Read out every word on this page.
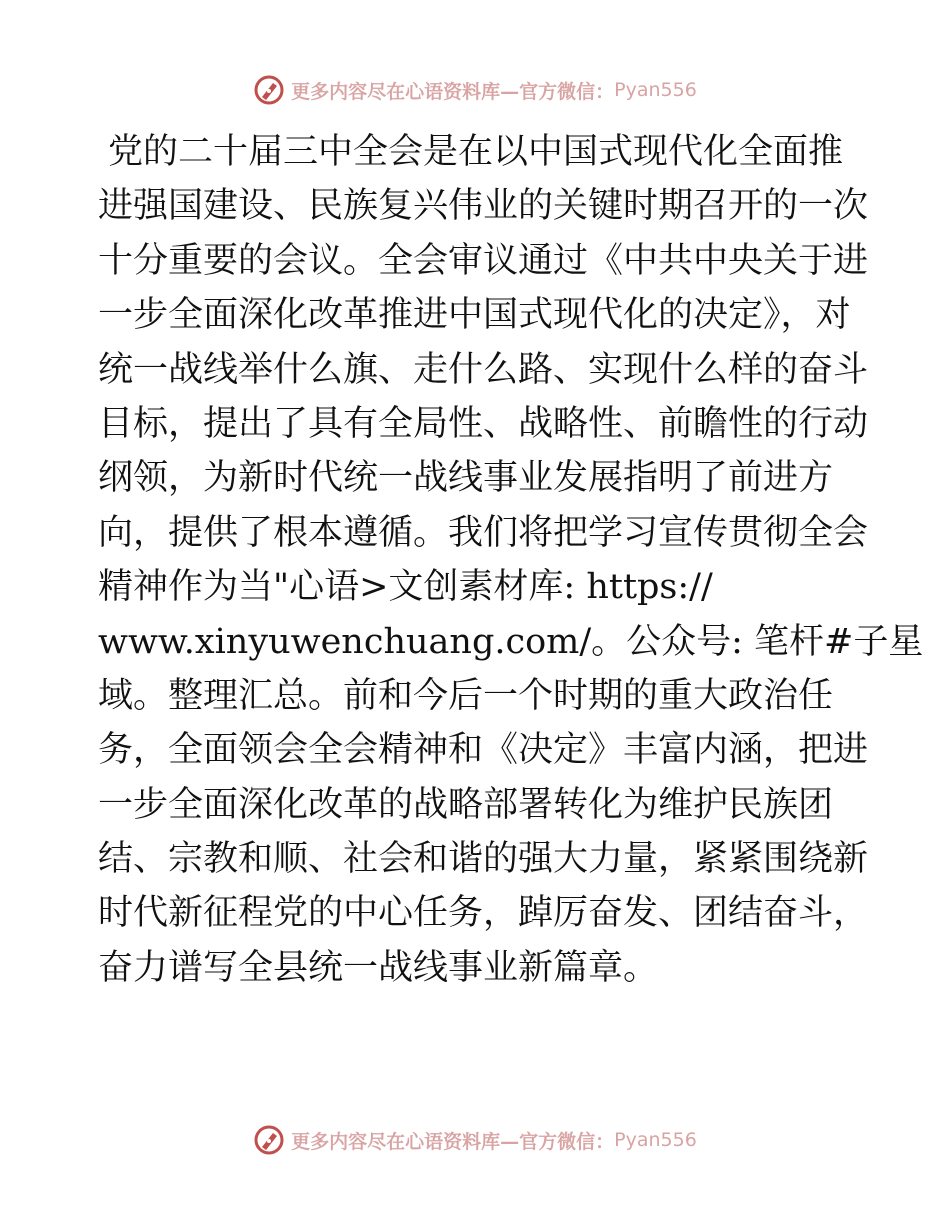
更多内容尽在心语资料库—官方微信： Pyan556
党的二十届三中全会是在以中国式现代化全面推
进强国建设、民族复兴伟业的关键时期召开的一次
十分重要的会议。全会审议通过《中共中央关于进
一步全面深化改革推进中国式现代化的决定》，对
统一战线举什么旗、走什么路、实现什么样的奋斗
目标，提出了具有全局性、战略性、前瞻性的行动
纲领，为新时代统一战线事业发展指明了前进方
向，提供了根本遵循。我们将把学习宣传贯彻全会
精神作为当"心语>文创素材库: https://
www.xinyuwenchuang.com/。公众号: 笔杆#子星
域。整理汇总。前和今后一个时期的重大政治任
务，全面领会全会精神和《决定》丰富内涵，把进
一步全面深化改革的战略部署转化为维护民族团
结、宗教和顺、社会和谐的强大力量，紧紧围绕新
时代新征程党的中心任务，踔厉奋发、团结奋斗，
奋力谱写全县统一战线事业新篇章。
更多内容尽在心语资料库—官方微信： Pyan556
